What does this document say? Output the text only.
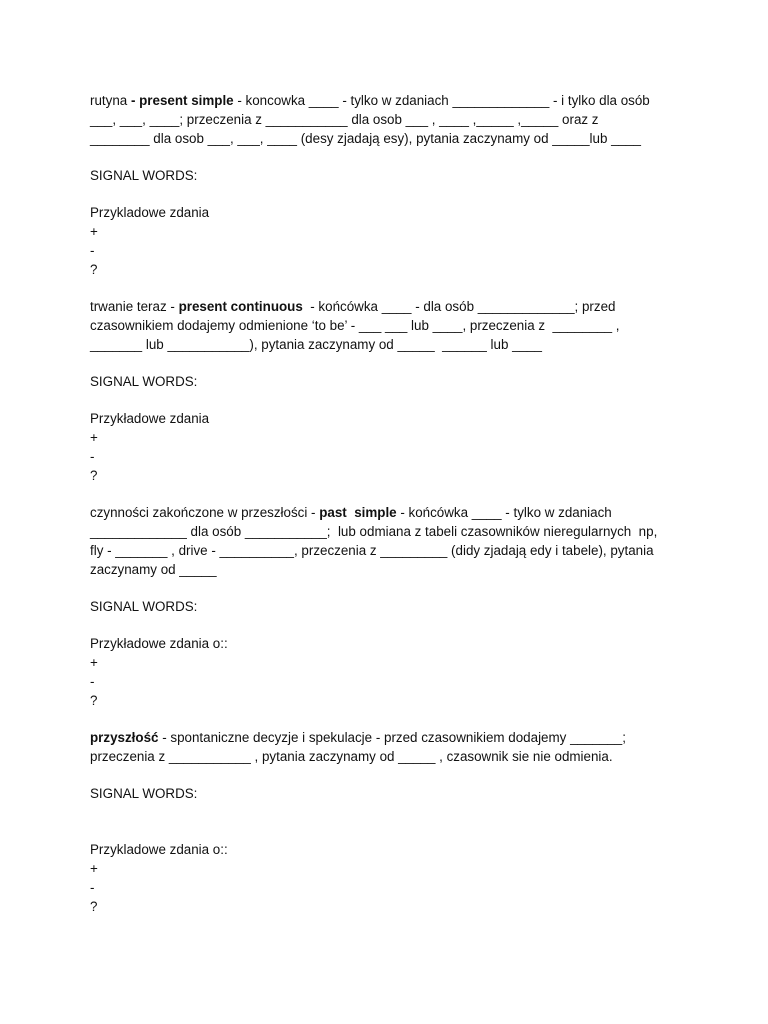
rutyna - present simple - koncowka ____ - tylko w zdaniach _____________ - i tylko dla osób
___, ___, ____; przeczenia z ___________ dla osob ___ , ____ ,_____ ,_____ oraz z
________ dla osob ___, ___, ____ (desy zjadają esy), pytania zaczynamy od _____lub ____
SIGNAL WORDS:
Przykladowe zdania
+
-
?
trwanie teraz - present continuous  - końcówka ____ - dla osób _____________; przed
czasownikiem dodajemy odmienione ‘to be’ - ___ ___ lub ____, przeczenia z  ________ ,
_______ lub ___________), pytania zaczynamy od _____  ______ lub ____
SIGNAL WORDS:
Przykładowe zdania
+
-
?
czynności zakończone w przeszłości - past  simple - końcówka ____ - tylko w zdaniach
_____________ dla osób ___________;  lub odmiana z tabeli czasowników nieregularnych  np,
fly - _______ , drive - __________, przeczenia z _________ (didy zjadają edy i tabele), pytania
zaczynamy od _____
SIGNAL WORDS:
Przykładowe zdania o::
+
-
?
przyszłość - spontaniczne decyzje i spekulacje - przed czasownikiem dodajemy _______;
przeczenia z ___________ , pytania zaczynamy od _____ , czasownik sie nie odmienia.
SIGNAL WORDS:
Przykladowe zdania o::
+
-
?
